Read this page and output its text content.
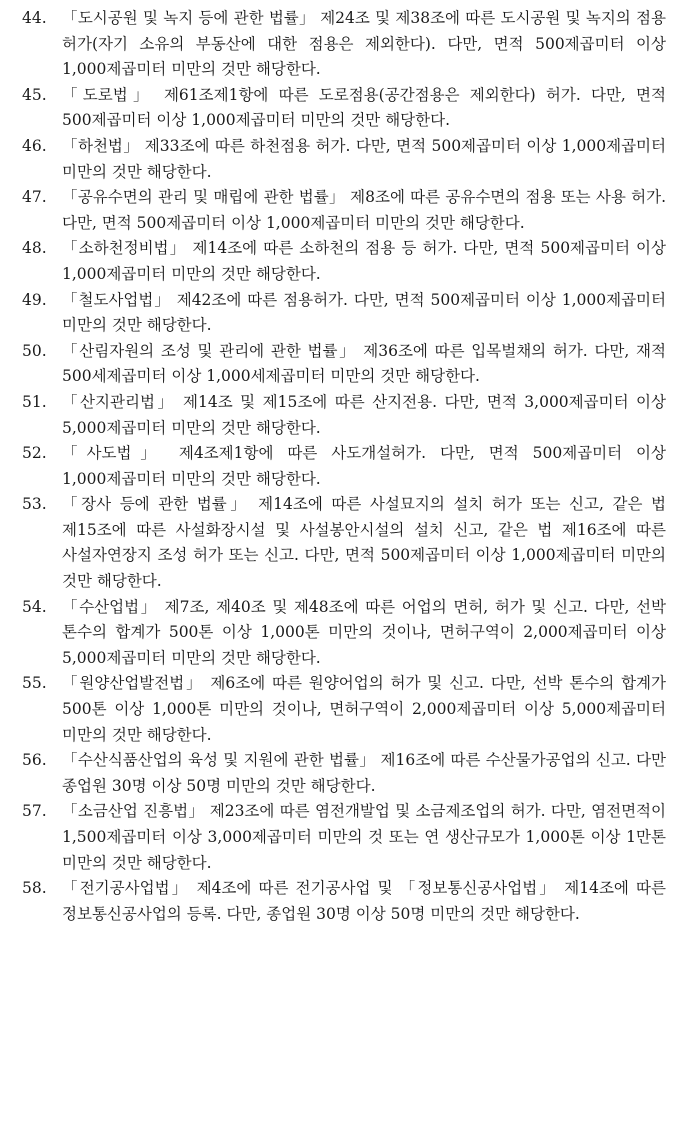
44. 「도시공원 및 녹지 등에 관한 법률」 제24조 및 제38조에 따른 도시공원 및 녹지의 점용 허가(자기 소유의 부동산에 대한 점용은 제외한다). 다만, 면적 500제곱미터 이상 1,000제곱미터 미만의 것만 해당한다.
45. 「도로법」 제61조제1항에 따른 도로점용(공간점용은 제외한다) 허가. 다만, 면적 500제곱미터 이상 1,000제곱미터 미만의 것만 해당한다.
46. 「하천법」 제33조에 따른 하천점용 허가. 다만, 면적 500제곱미터 이상 1,000제곱미터 미만의 것만 해당한다.
47. 「공유수면의 관리 및 매립에 관한 법률」 제8조에 따른 공유수면의 점용 또는 사용 허가. 다만, 면적 500제곱미터 이상 1,000제곱미터 미만의 것만 해당한다.
48. 「소하천정비법」 제14조에 따른 소하천의 점용 등 허가. 다만, 면적 500제곱미터 이상 1,000제곱미터 미만의 것만 해당한다.
49. 「철도사업법」 제42조에 따른 점용허가. 다만, 면적 500제곱미터 이상 1,000제곱미터 미만의 것만 해당한다.
50. 「산림자원의 조성 및 관리에 관한 법률」 제36조에 따른 입목벌채의 허가. 다만, 재적 500세제곱미터 이상 1,000세제곱미터 미만의 것만 해당한다.
51. 「산지관리법」 제14조 및 제15조에 따른 산지전용. 다만, 면적 3,000제곱미터 이상 5,000제곱미터 미만의 것만 해당한다.
52. 「사도법」 제4조제1항에 따른 사도개설허가. 다만, 면적 500제곱미터 이상 1,000제곱미터 미만의 것만 해당한다.
53. 「장사 등에 관한 법률」 제14조에 따른 사설묘지의 설치 허가 또는 신고, 같은 법 제15조에 따른 사설화장시설 및 사설봉안시설의 설치 신고, 같은 법 제16조에 따른 사설자연장지 조성 허가 또는 신고. 다만, 면적 500제곱미터 이상 1,000제곱미터 미만의 것만 해당한다.
54. 「수산업법」 제7조, 제40조 및 제48조에 따른 어업의 면허, 허가 및 신고. 다만, 선박 톤수의 합계가 500톤 이상 1,000톤 미만의 것이나, 면허구역이 2,000제곱미터 이상 5,000제곱미터 미만의 것만 해당한다.
55. 「원양산업발전법」 제6조에 따른 원양어업의 허가 및 신고. 다만, 선박 톤수의 합계가 500톤 이상 1,000톤 미만의 것이나, 면허구역이 2,000제곱미터 이상 5,000제곱미터 미만의 것만 해당한다.
56. 「수산식품산업의 육성 및 지원에 관한 법률」 제16조에 따른 수산물가공업의 신고. 다만 종업원 30명 이상 50명 미만의 것만 해당한다.
57. 「소금산업 진흥법」 제23조에 따른 염전개발업 및 소금제조업의 허가. 다만, 염전면적이 1,500제곱미터 이상 3,000제곱미터 미만의 것 또는 연 생산규모가 1,000톤 이상 1만톤 미만의 것만 해당한다.
58. 「전기공사업법」 제4조에 따른 전기공사업 및 「정보통신공사업법」 제14조에 따른 정보통신공사업의 등록. 다만, 종업원 30명 이상 50명 미만의 것만 해당한다.
